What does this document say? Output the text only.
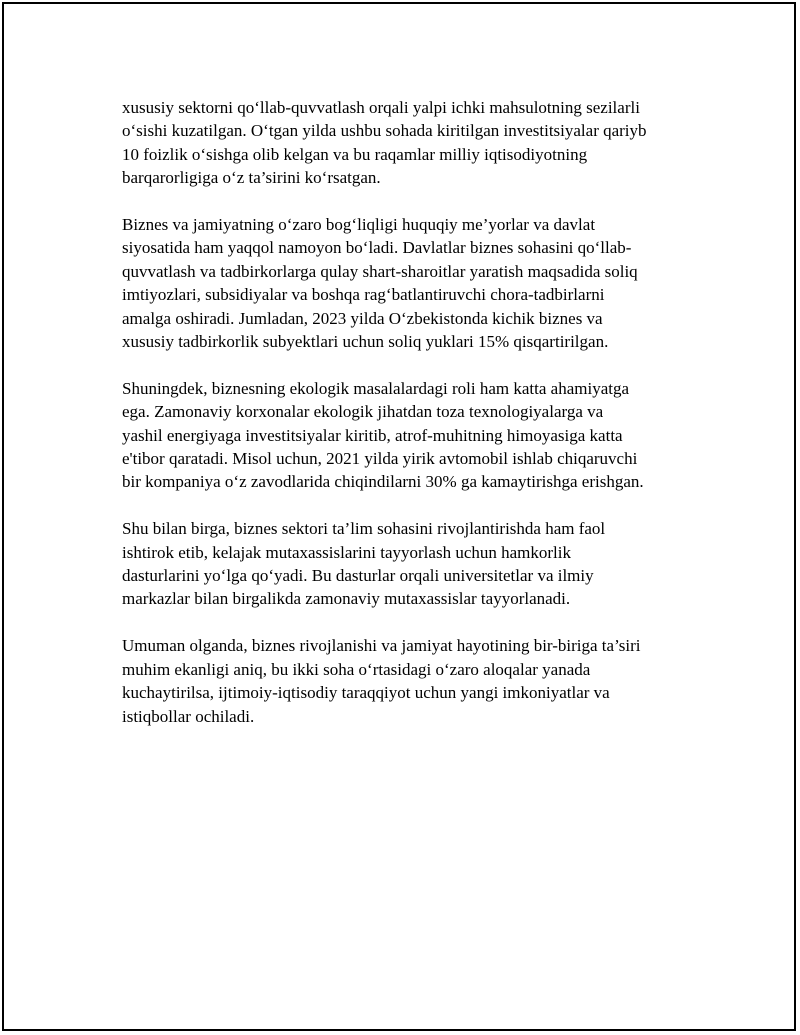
xususiy sektorni qo‘llab-quvvatlash orqali yalpi ichki mahsulotning sezilarli
o‘sishi kuzatilgan. O‘tgan yilda ushbu sohada kiritilgan investitsiyalar qariyb
10 foizlik o‘sishga olib kelgan va bu raqamlar milliy iqtisodiyotning
barqarorligiga o‘z ta’sirini ko‘rsatgan.

Biznes va jamiyatning o‘zaro bog‘liqligi huquqiy me’yorlar va davlat
siyosatida ham yaqqol namoyon bo‘ladi. Davlatlar biznes sohasini qo‘llab-
quvvatlash va tadbirkorlarga qulay shart-sharoitlar yaratish maqsadida soliq
imtiyozlari, subsidiyalar va boshqa rag‘batlantiruvchi chora-tadbirlarni
amalga oshiradi. Jumladan, 2023 yilda O‘zbekistonda kichik biznes va
xususiy tadbirkorlik subyektlari uchun soliq yuklari 15% qisqartirilgan.

Shuningdek, biznesning ekologik masalalardagi roli ham katta ahamiyatga
ega. Zamonaviy korxonalar ekologik jihatdan toza texnologiyalarga va
yashil energiyaga investitsiyalar kiritib, atrof-muhitning himoyasiga katta
e'tibor qaratadi. Misol uchun, 2021 yilda yirik avtomobil ishlab chiqaruvchi
bir kompaniya o‘z zavodlarida chiqindilarni 30% ga kamaytirishga erishgan.

Shu bilan birga, biznes sektori ta’lim sohasini rivojlantirishda ham faol
ishtirok etib, kelajak mutaxassislarini tayyorlash uchun hamkorlik
dasturlarini yo‘lga qo‘yadi. Bu dasturlar orqali universitetlar va ilmiy
markazlar bilan birgalikda zamonaviy mutaxassislar tayyorlanadi.

Umuman olganda, biznes rivojlanishi va jamiyat hayotining bir-biriga ta’siri
muhim ekanligi aniq, bu ikki soha o‘rtasidagi o‘zaro aloqalar yanada
kuchaytirilsa, ijtimoiy-iqtisodiy taraqqiyot uchun yangi imkoniyatlar va
istiqbollar ochiladi.
